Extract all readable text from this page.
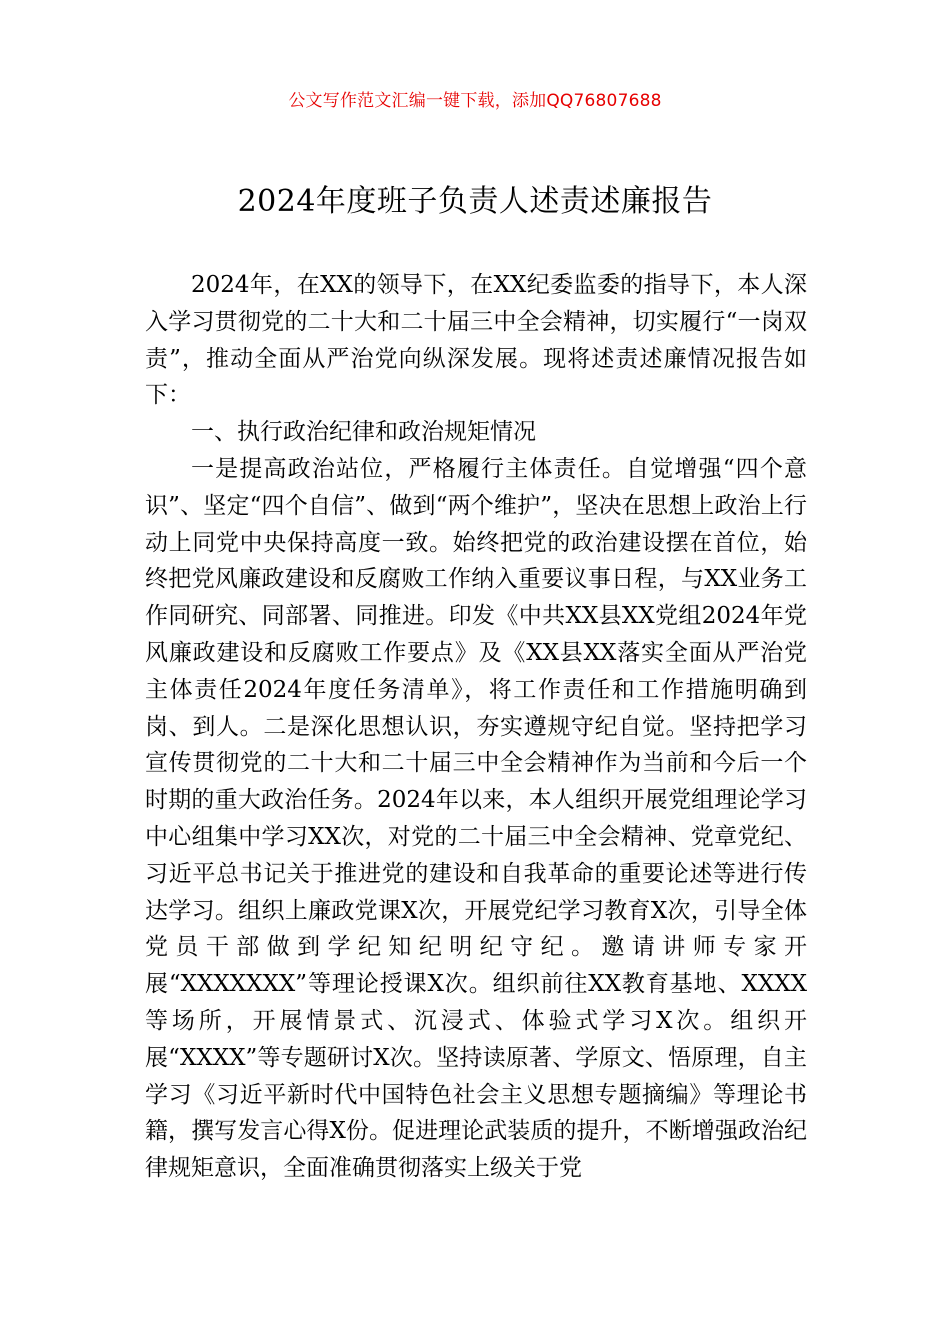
公文写作范文汇编一键下载，添加QQ76807688
2024年度班子负责人述责述廉报告

2024年，在XX的领导下，在XX纪委监委的指导下，本人深入学习贯彻党的二十大和二十届三中全会精神，切实履行“一岗双责”，推动全面从严治党向纵深发展。现将述责述廉情况报告如下：

一、执行政治纪律和政治规矩情况

一是提高政治站位，严格履行主体责任。自觉增强“四个意识”、坚定“四个自信”、做到“两个维护”，坚决在思想上政治上行动上同党中央保持高度一致。始终把党的政治建设摆在首位，始终把党风廉政建设和反腐败工作纳入重要议事日程，与XX业务工作同研究、同部署、同推进。印发《中共XX县XX党组2024年党风廉政建设和反腐败工作要点》及《XX县XX落实全面从严治党主体责任2024年度任务清单》，将工作责任和工作措施明确到岗、到人。二是深化思想认识，夯实遵规守纪自觉。坚持把学习宣传贯彻党的二十大和二十届三中全会精神作为当前和今后一个时期的重大政治任务。2024年以来，本人组织开展党组理论学习中心组集中学习XX次，对党的二十届三中全会精神、党章党纪、习近平总书记关于推进党的建设和自我革命的重要论述等进行传达学习。组织上廉政党课X次，开展党纪学习教育X次，引导全体党员干部做到学纪知纪明纪守纪。邀请讲师专家开展“XXXXXXX”等理论授课X次。组织前往XX教育基地、XXXX等场所，开展情景式、沉浸式、体验式学习X次。组织开展“XXXX”等专题研讨X次。坚持读原著、学原文、悟原理，自主学习《习近平新时代中国特色社会主义思想专题摘编》等理论书籍，撰写发言心得X份。促进理论武装质的提升，不断增强政治纪律规矩意识，全面准确贯彻落实上级关于党
